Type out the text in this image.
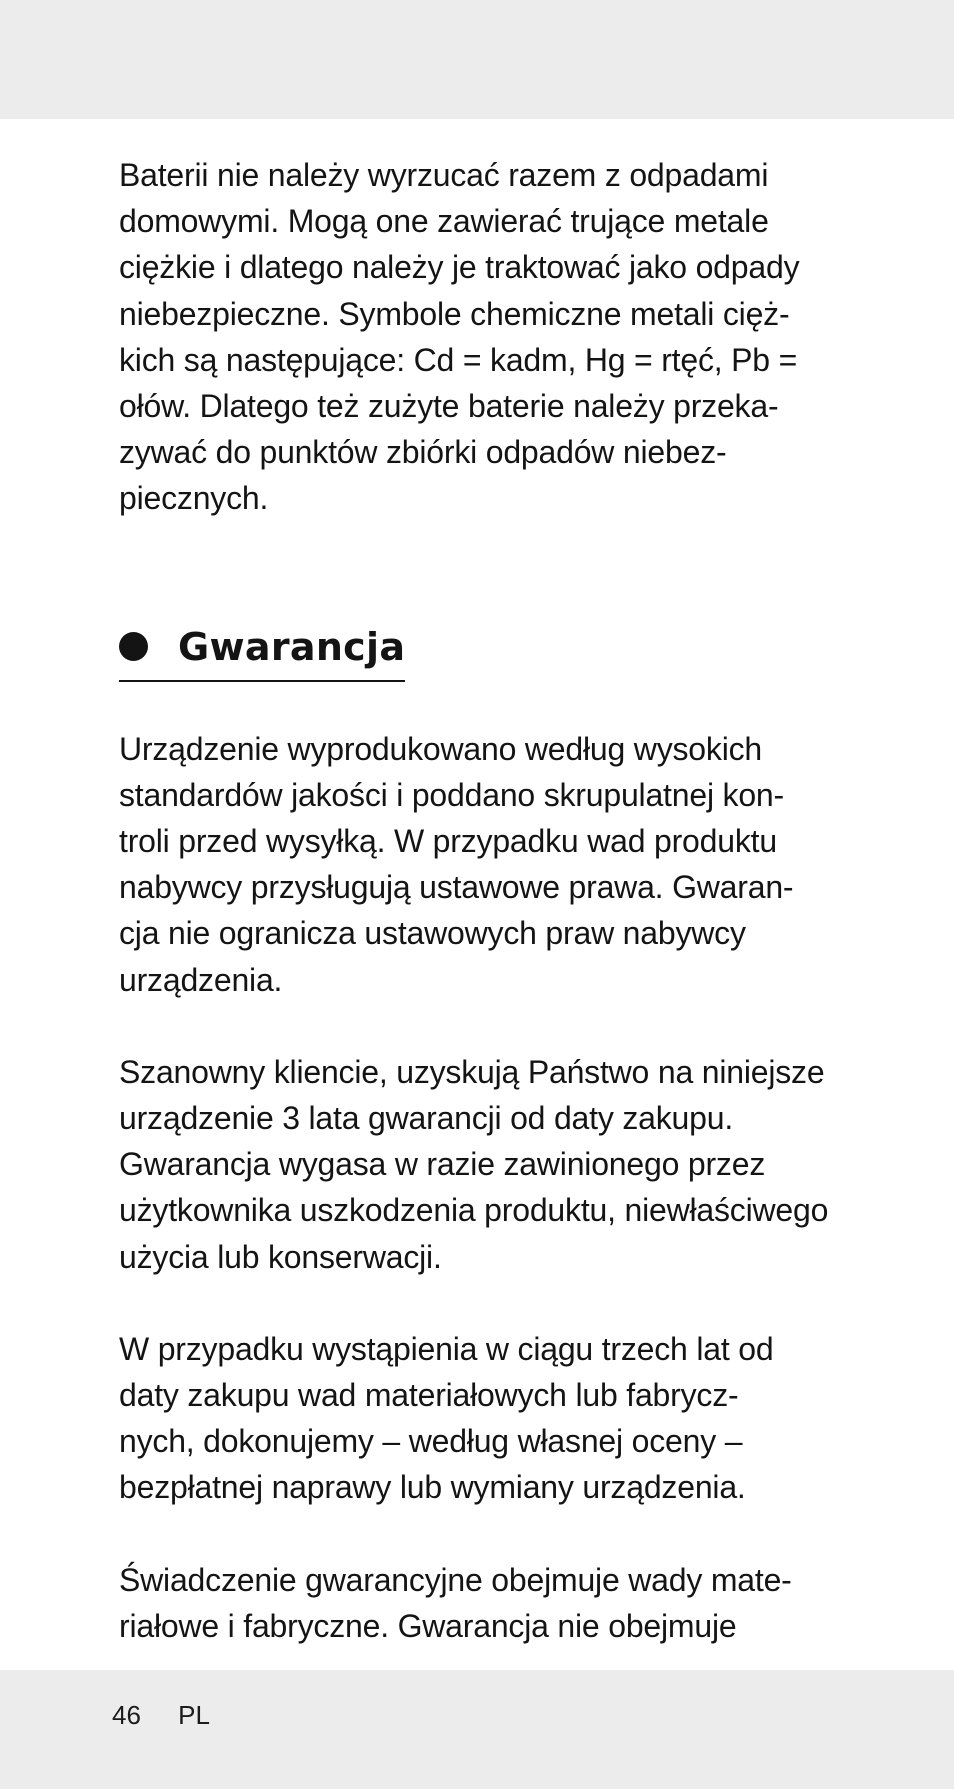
Baterii nie należy wyrzucać razem z odpadami
domowymi. Mogą one zawierać trujące metale
ciężkie i dlatego należy je traktować jako odpady
niebezpieczne. Symbole chemiczne metali cięż-
kich są następujące: Cd = kadm, Hg = rtęć, Pb =
ołów. Dlatego też zużyte baterie należy przeka-
zywać do punktów zbiórki odpadów niebez-
piecznych.

Gwarancja

Urządzenie wyprodukowano według wysokich
standardów jakości i poddano skrupulatnej kon-
troli przed wysyłką. W przypadku wad produktu
nabywcy przysługują ustawowe prawa. Gwaran-
cja nie ogranicza ustawowych praw nabywcy
urządzenia.

Szanowny kliencie, uzyskują Państwo na niniejsze
urządzenie 3 lata gwarancji od daty zakupu.
Gwarancja wygasa w razie zawinionego przez
użytkownika uszkodzenia produktu, niewłaściwego
użycia lub konserwacji.

W przypadku wystąpienia w ciągu trzech lat od
daty zakupu wad materiałowych lub fabrycz-
nych, dokonujemy – według własnej oceny –
bezpłatnej naprawy lub wymiany urządzenia.

Świadczenie gwarancyjne obejmuje wady mate-
riałowe i fabryczne. Gwarancja nie obejmuje

46 PL
